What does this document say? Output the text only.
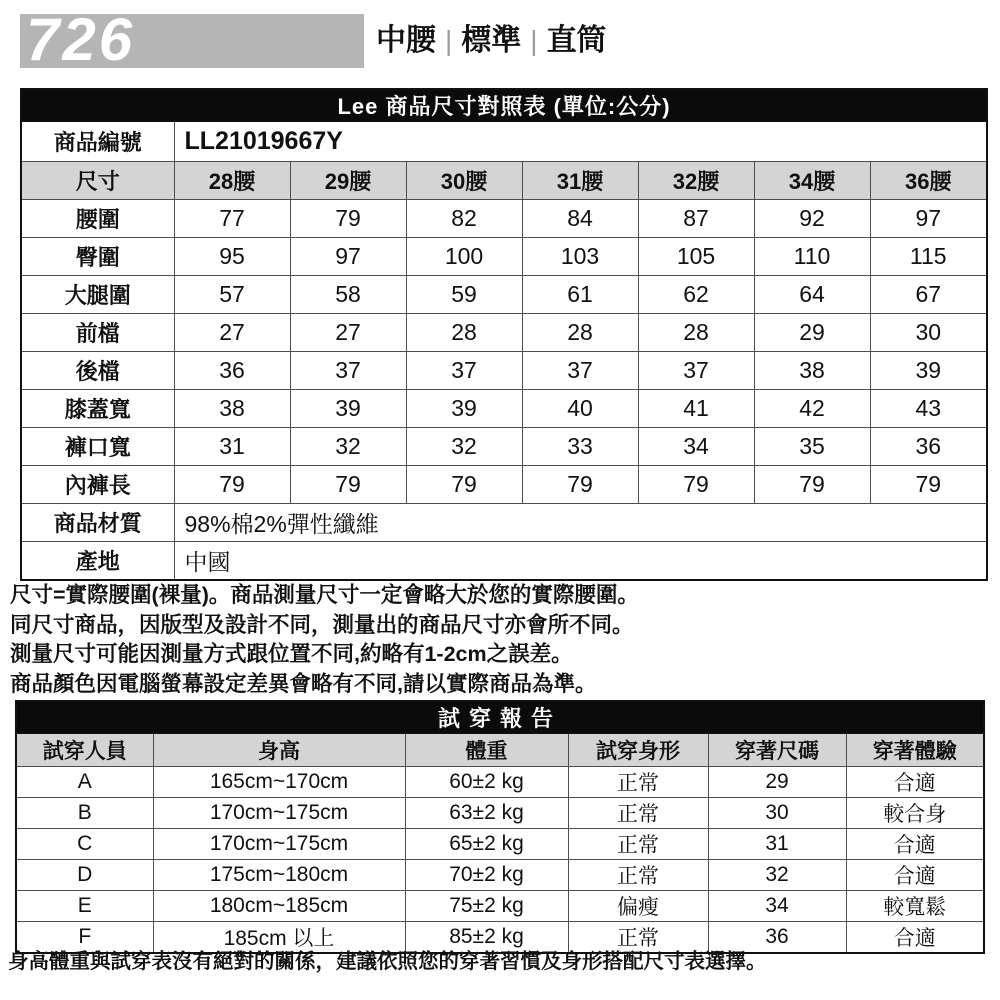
726	中腰 | 標準 | 直筒
Lee 商品尺寸對照表 (單位:公分)							
商品編號	LL21019667Y						
尺寸	28腰	29腰	30腰	31腰	32腰	34腰	36腰
腰圍	77	79	82	84	87	92	97
臀圍	95	97	100	103	105	110	115
大腿圍	57	58	59	61	62	64	67
前檔	27	27	28	28	28	29	30
後檔	36	37	37	37	37	38	39
膝蓋寬	38	39	39	40	41	42	43
褲口寬	31	32	32	33	34	35	36
內褲長	79	79	79	79	79	79	79
商品材質	98%棉2%彈性纖維						
產地	中國						
尺寸=實際腰圍(裸量)。商品測量尺寸一定會略大於您的實際腰圍。
同尺寸商品，因版型及設計不同，測量出的商品尺寸亦會所不同。
測量尺寸可能因測量方式跟位置不同,約略有1-2cm之誤差。
商品顏色因電腦螢幕設定差異會略有不同,請以實際商品為準。
試穿報告					
試穿人員	身高	體重	試穿身形	穿著尺碼	穿著體驗
A	165cm~170cm	60±2 kg	正常	29	合適
B	170cm~175cm	63±2 kg	正常	30	較合身
C	170cm~175cm	65±2 kg	正常	31	合適
D	175cm~180cm	70±2 kg	正常	32	合適
E	180cm~185cm	75±2 kg	偏瘦	34	較寬鬆
F	185cm 以上	85±2 kg	正常	36	合適
身高體重與試穿表沒有絕對的關係，建議依照您的穿著習慣及身形搭配尺寸表選擇。
